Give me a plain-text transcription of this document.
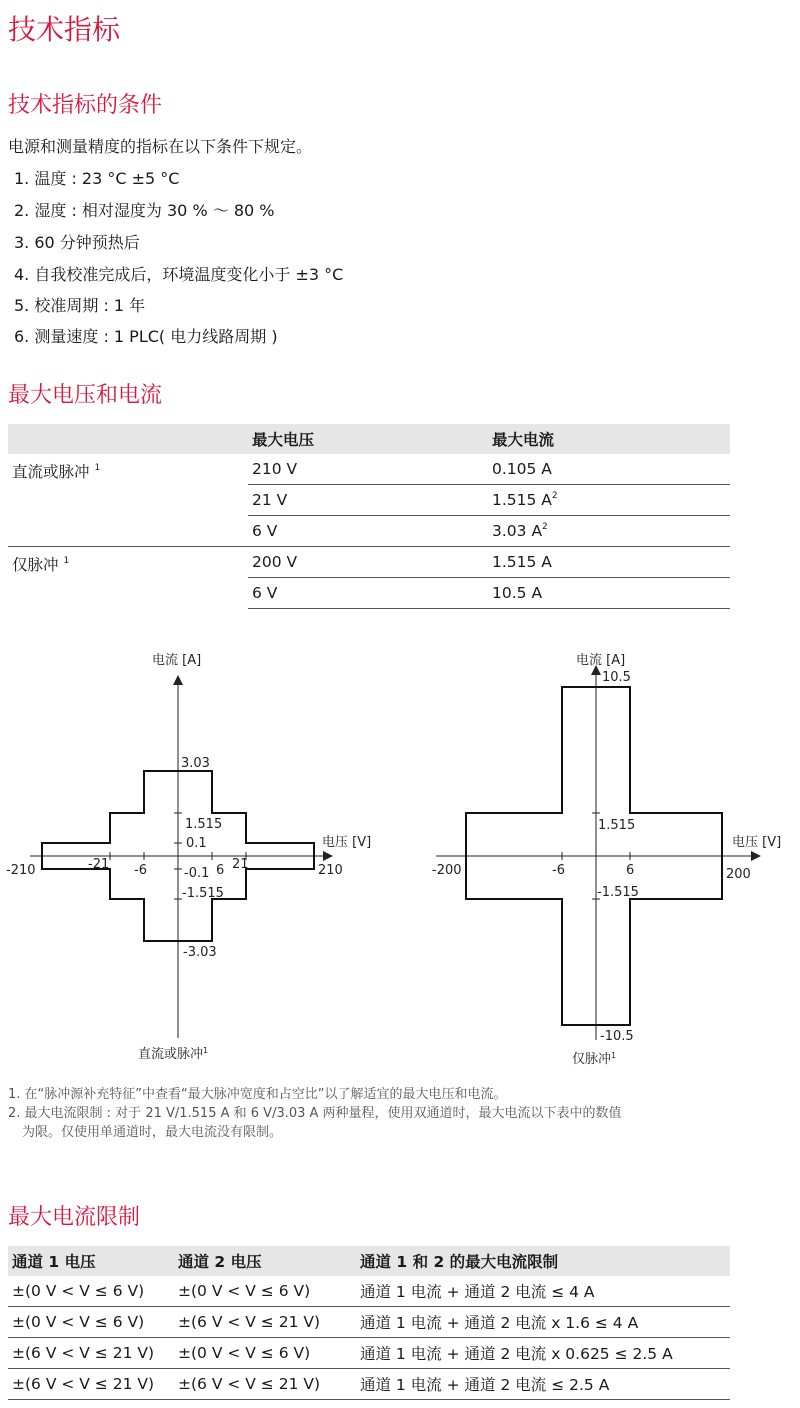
技术指标
技术指标的条件

电源和测量精度的指标在以下条件下规定。

1. 温度 : 23 °C ±5 °C

2. 湿度 : 相对湿度为 30 % ～ 80 %

3. 60 分钟预热后

4. 自我校准完成后，环境温度变化小于 ±3 °C

5. 校准周期 : 1 年

6. 测量速度 : 1 PLC( 电力线路周期 )

最大电压和电流
	最大电压	最大电流
直流或脉冲 $^1$	210 V	0.105 A
	21 V	1.515 $A^2$
	6 V	3.03 $A^2$
仅脉冲 $^1$	200 V	1.515 A
	6 V	10.5 A
电流 [A]
电压 [V]
3.03
1.515
0.1
-0.1
-1.515
-3.03
-210	-21 -6	6 21	210
直流或脉冲$^1$
电流 [A]
电压 [V]
10.5
1.515
-1.515
-10.5
-200	-6	6	200
仅脉冲$^1$
1. 在“脉冲源补充特征”中查看“最大脉冲宽度和占空比”以了解适宜的最大电压和电流。
2. 最大电流限制 : 对于 21 V/1.515 A 和 6 V/3.03 A 两种量程，使用双通道时，最大电流以下表中的数值
为限。仅使用单通道时，最大电流没有限制。
最大电流限制
通道 1 电压	通道 2 电压	通道 1 和 2 的最大电流限制
±(0 V < V ≤ 6 V)	±(0 V < V ≤ 6 V)	通道 1 电流 + 通道 2 电流 ≤ 4 A
±(0 V < V ≤ 6 V)	±(6 V < V ≤ 21 V)	通道 1 电流 + 通道 2 电流 x 1.6 ≤ 4 A
±(6 V < V ≤ 21 V)	±(0 V < V ≤ 6 V)	通道 1 电流 + 通道 2 电流 x 0.625 ≤ 2.5 A
±(6 V < V ≤ 21 V)	±(6 V < V ≤ 21 V)	通道 1 电流 + 通道 2 电流 ≤ 2.5 A
